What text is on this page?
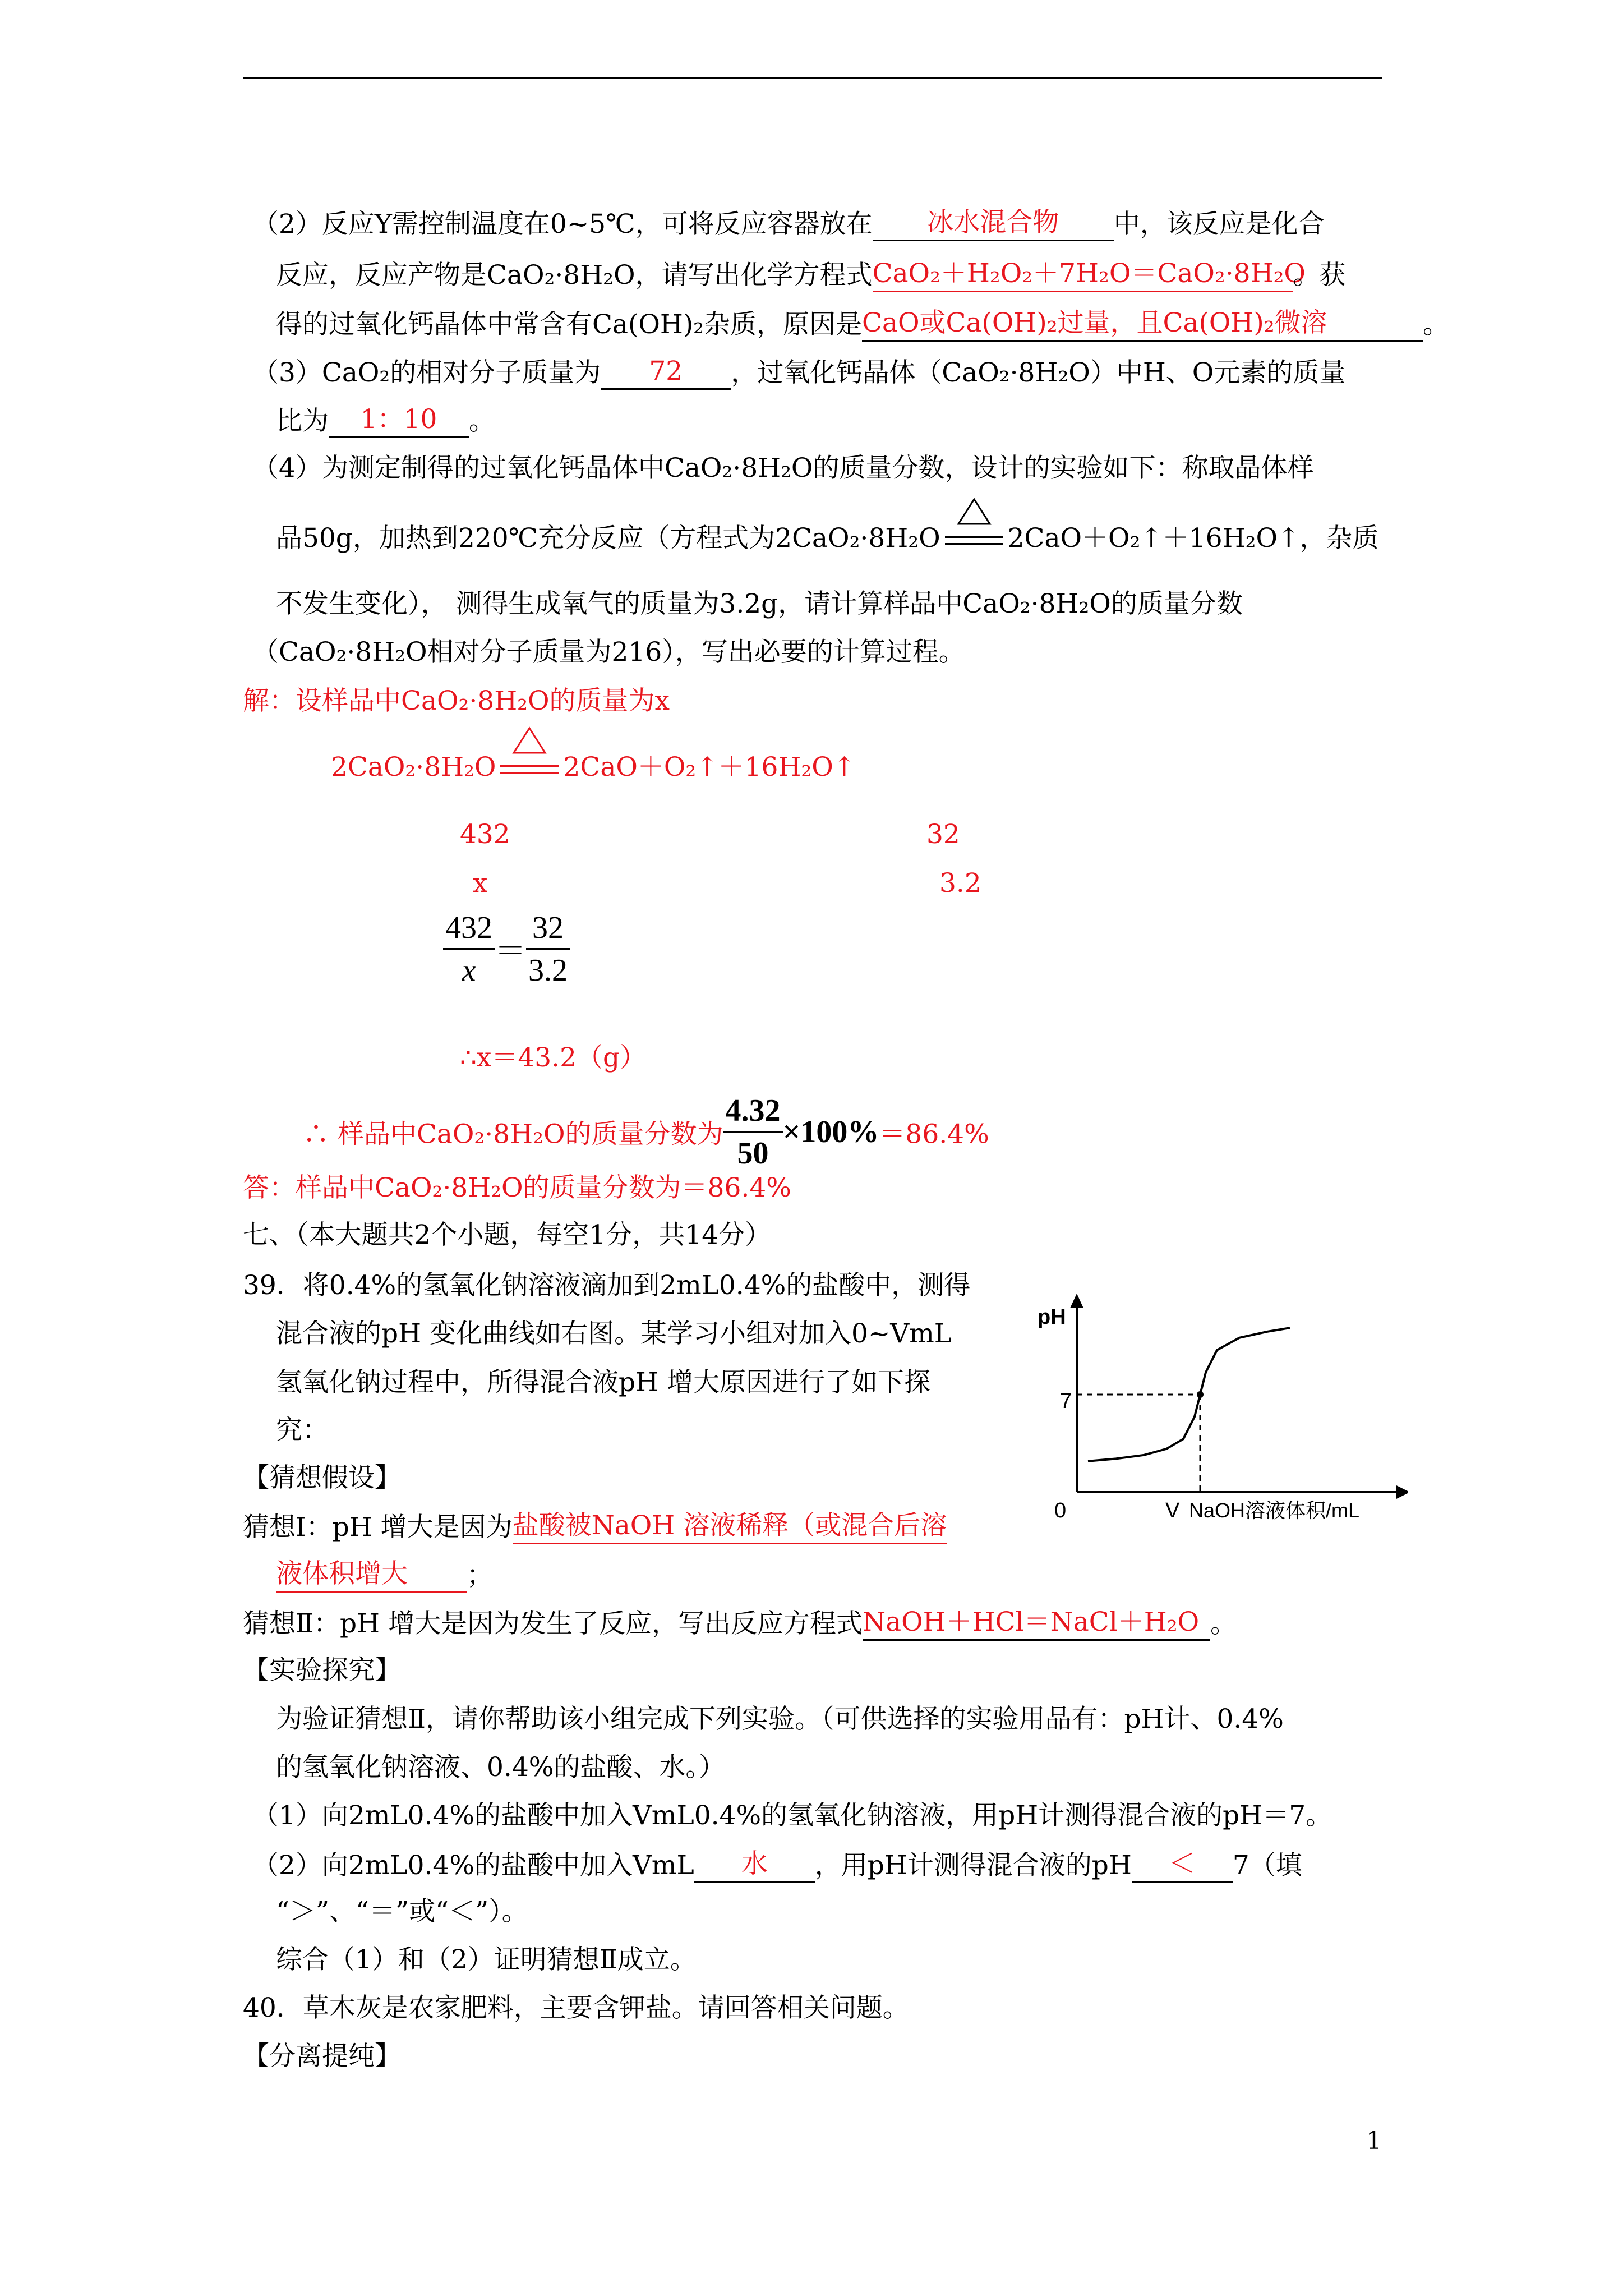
（2）反应Y需控制温度在0~5℃，可将反应容器放在 冰水混合物 中，该反应是化合
反应，反应产物是CaO₂·8H₂O，请写出化学方程式CaO₂＋H₂O₂＋7H₂O＝CaO₂·8H₂O。获
得的过氧化钙晶体中常含有Ca(OH)₂杂质，原因是CaO或Ca(OH)₂过量，且Ca(OH)₂微溶	。
（3）CaO₂的相对分子质量为 72 ，过氧化钙晶体（CaO₂·8H₂O）中H、O元素的质量
比为 1：10 。
（4）为测定制得的过氧化钙晶体中CaO₂·8H₂O的质量分数，设计的实验如下：称取晶体样
品50g，加热到220℃充分反应（方程式为2CaO₂·8H₂O	2CaO＋O₂↑＋16H₂O↑，杂质
不发生变化）， 测得生成氧气的质量为3.2g，请计算样品中CaO₂·8H₂O的质量分数
（CaO₂·8H₂O相对分子质量为216），写出必要的计算过程。
解：设样品中CaO₂·8H₂O的质量为x
2CaO₂·8H₂O	2CaO＋O₂↑＋16H₂O↑
432	32
x	3.2
$\frac{432}{x} = \frac{32}{3.2}$
∴x＝43.2（g）
∴ 样品中CaO₂·8H₂O的质量分数为 $\frac{4.32}{50} \times 100\%=86.4\%$
答：样品中CaO₂·8H₂O的质量分数为＝86.4%
七、（本大题共2个小题，每空1分，共14分）
39．将0.4%的氢氧化钠溶液滴加到2mL0.4%的盐酸中，测得
混合液的pH 变化曲线如右图。某学习小组对加入0~VmL
氢氧化钠过程中，所得混合液pH 增大原因进行了如下探
究：
pH
0
7
V NaOH溶液体积/mL
【猜想假设】
猜想Ⅰ：pH 增大是因为盐酸被NaOH 溶液稀释（或混合后溶
液体积增大 ；
猜想Ⅱ：pH 增大是因为发生了反应，写出反应方程式NaOH＋HCl＝NaCl＋H₂O 。
【实验探究】
为验证猜想Ⅱ，请你帮助该小组完成下列实验。（可供选择的实验用品有：pH计、0.4%
的氢氧化钠溶液、0.4%的盐酸、水。）
（1）向2mL0.4%的盐酸中加入VmL0.4%的氢氧化钠溶液，用pH计测得混合液的pH＝7。
（2）向2mL0.4%的盐酸中加入VmL 水 ，用pH计测得混合液的pH ＜ 7（填
“＞”、“＝”或“＜”）。
综合（1）和（2）证明猜想Ⅱ成立。
40．草木灰是农家肥料，主要含钾盐。请回答相关问题。
【分离提纯】
1
